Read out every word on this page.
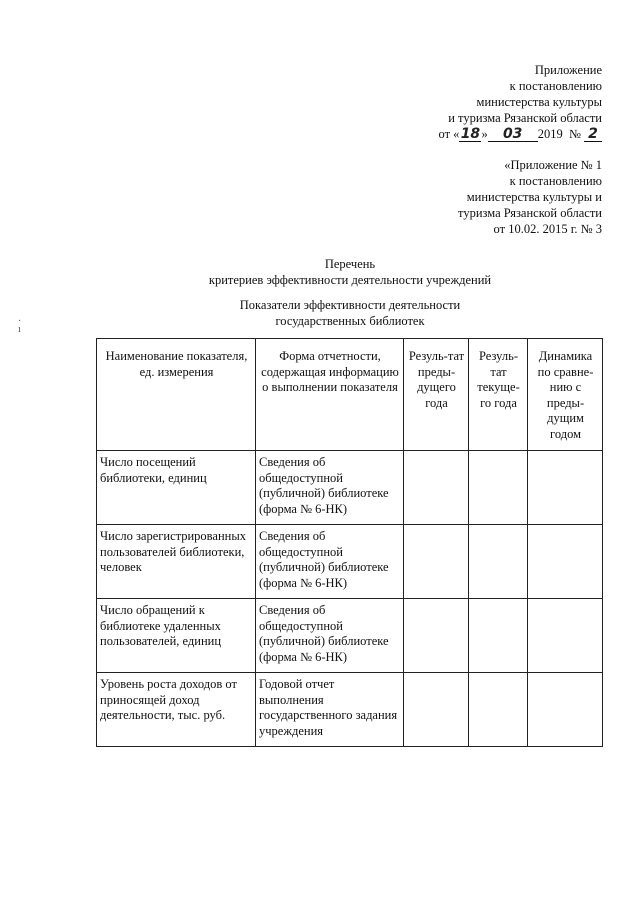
Приложение
к постановлению
министерства культуры
и туризма Рязанской области
от «18» 03 2019 № 2
«Приложение № 1
к постановлению
министерства культуры и
туризма Рязанской области
от 10.02. 2015 г. № 3
Перечень
критериев эффективности деятельности учреждений
Показатели эффективности деятельности
государственных библиотек
·
ı
Наименование показателя, ед. измерения	Форма отчетности, содержащая информацию о выполнении показателя	Резуль-тат преды-дущего года	Резуль-тат текуще-го года	Динамика по сравне-нию с преды-дущим годом
Число посещений библиотеки, единиц	Сведения об общедоступной (публичной) библиотеке (форма № 6-НК)			
Число зарегистрированных пользователей библиотеки, человек	Сведения об общедоступной (публичной) библиотеке (форма № 6-НК)			
Число обращений к библиотеке удаленных пользователей, единиц	Сведения об общедоступной (публичной) библиотеке (форма № 6-НК)			
Уровень роста доходов от приносящей доход деятельности, тыс. руб.	Годовой отчет выполнения государственного задания учреждения			
